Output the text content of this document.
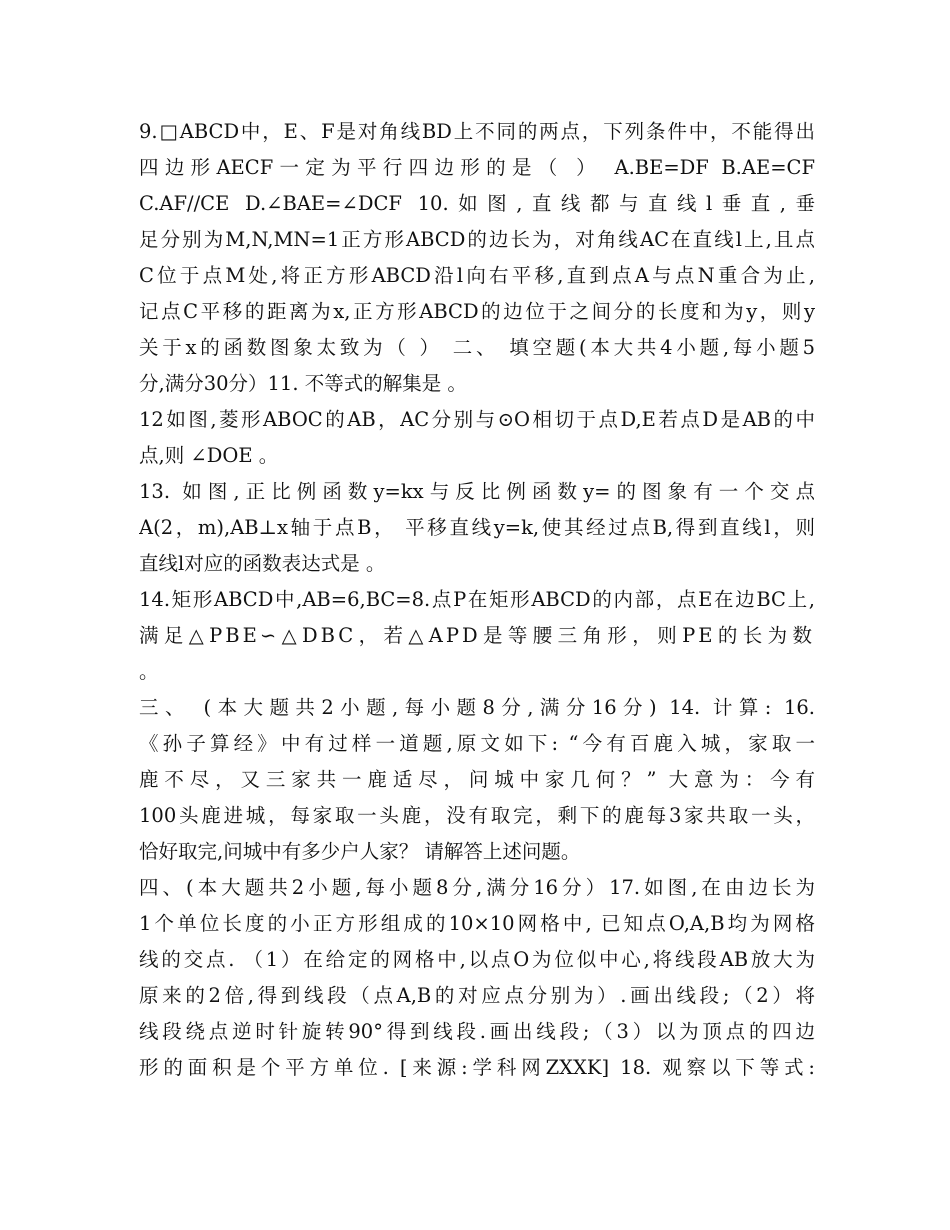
9.□ABCD中，E、F是对角线BD上不同的两点，下列条件中，不能得出
四边形AECF一定为平行四边形的是（ ） A.BE=DF B.AE=CF
C.AF//CE D.∠BAE=∠DCF 10.如图,直线都与直线l垂直,垂
足分别为M,N,MN=1正方形ABCD的边长为，对角线AC在直线l上,且点
C位于点M处,将正方形ABCD沿l向右平移,直到点A与点N重合为止,
记点C平移的距离为x,正方形ABCD的边位于之间分的长度和为y，则y
关于x的函数图象太致为（ ） 二、 填空题(本大共4小题,每小题5
分,满分30分）11. 不等式的解集是 。
12如图,菱形ABOC的AB，AC分别与⊙O相切于点D,E若点D是AB的中
点,则 ∠DOE 。
13. 如图,正比例函数y=kx与反比例函数y=的图象有一个交点
A(2，m),AB⊥x轴于点B， 平移直线y=k,使其经过点B,得到直线l，则
直线l对应的函数表达式是 。
14.矩形ABCD中,AB=6,BC=8.点P在矩形ABCD的内部，点E在边BC上,
满足△PBE∽△DBC，若△APD是等腰三角形，则PE的长为数
。
三、 (本大题共2小题,每小题8分,满分16分) 14. 计算: 16.
《孙子算经》中有过样一道题,原文如下: “今有百鹿入城，家取一
鹿不尽，又三家共一鹿适尽，问城中家几何？” 大意为：今有
100头鹿进城，每家取一头鹿，没有取完，剩下的鹿每3家共取一头，
恰好取完,问城中有多少户人家？ 请解答上述问题。
四、(本大题共2小题,每小题8分,满分16分）17.如图,在由边长为
1个单位长度的小正方形组成的10×10网格中, 已知点O,A,B均为网格
线的交点. （1）在给定的网格中,以点O为位似中心,将线段AB放大为
原来的2倍,得到线段（点A,B的对应点分别为）.画出线段;（2）将
线段绕点逆时针旋转90°得到线段.画出线段;（3）以为顶点的四边
形的面积是个平方单位. [来源:学科网ZXXK] 18. 观察以下等式:
